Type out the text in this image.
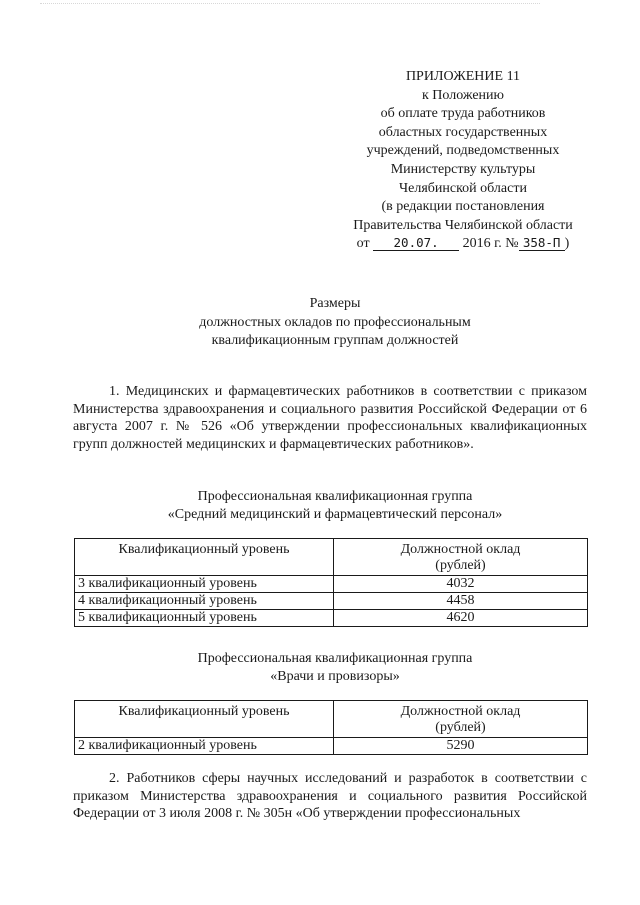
ПРИЛОЖЕНИЕ 11
к Положению
об оплате труда работников
областных государственных
учреждений, подведомственных
Министерству культуры
Челябинской области
(в редакции постановления
Правительства Челябинской области
от 20.07. 2016 г. № 358-П )
Размеры
должностных окладов по профессиональным
квалификационным группам должностей
1. Медицинских и фармацевтических работников в соответствии с приказом Министерства здравоохранения и социального развития Российской Федерации от 6 августа 2007 г. № 526 «Об утверждении профессиональных квалификационных групп должностей медицинских и фармацевтических работников».
Профессиональная квалификационная группа
«Средний медицинский и фармацевтический персонал»
Квалификационный уровень	Должностной оклад
(рублей)

3 квалификационный уровень	4032
4 квалификационный уровень	4458
5 квалификационный уровень	4620
Профессиональная квалификационная группа
«Врачи и провизоры»
Квалификационный уровень	Должностной оклад
(рублей)

2 квалификационный уровень	5290
2. Работников сферы научных исследований и разработок в соответствии с приказом Министерства здравоохранения и социального развития Российской Федерации от 3 июля 2008 г. № 305н «Об утверждении профессиональных
